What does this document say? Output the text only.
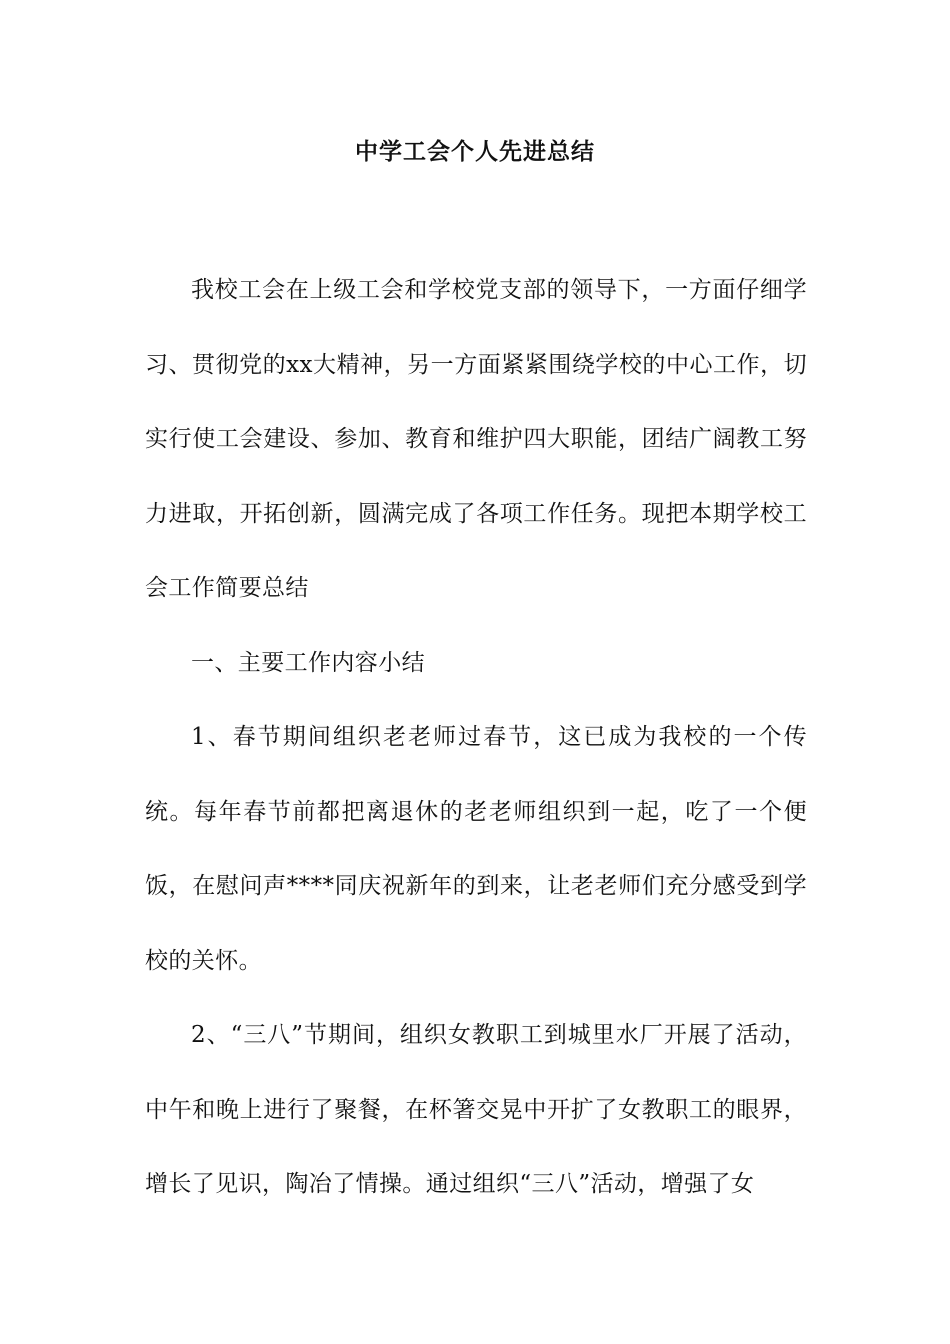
中学工会个人先进总结

我校工会在上级工会和学校党支部的领导下，一方面仔细学习、贯彻党的xx大精神，另一方面紧紧围绕学校的中心工作，切实行使工会建设、参加、教育和维护四大职能，团结广阔教工努力进取，开拓创新，圆满完成了各项工作任务。现把本期学校工会工作简要总结

一、主要工作内容小结

1、春节期间组织老老师过春节，这已成为我校的一个传统。每年春节前都把离退休的老老师组织到一起，吃了一个便饭，在慰问声****同庆祝新年的到来，让老老师们充分感受到学校的关怀。

2、“三八”节期间，组织女教职工到城里水厂开展了活动，中午和晚上进行了聚餐，在杯箸交晃中开扩了女教职工的眼界，增长了见识，陶冶了情操。通过组织“三八”活动，增强了女
